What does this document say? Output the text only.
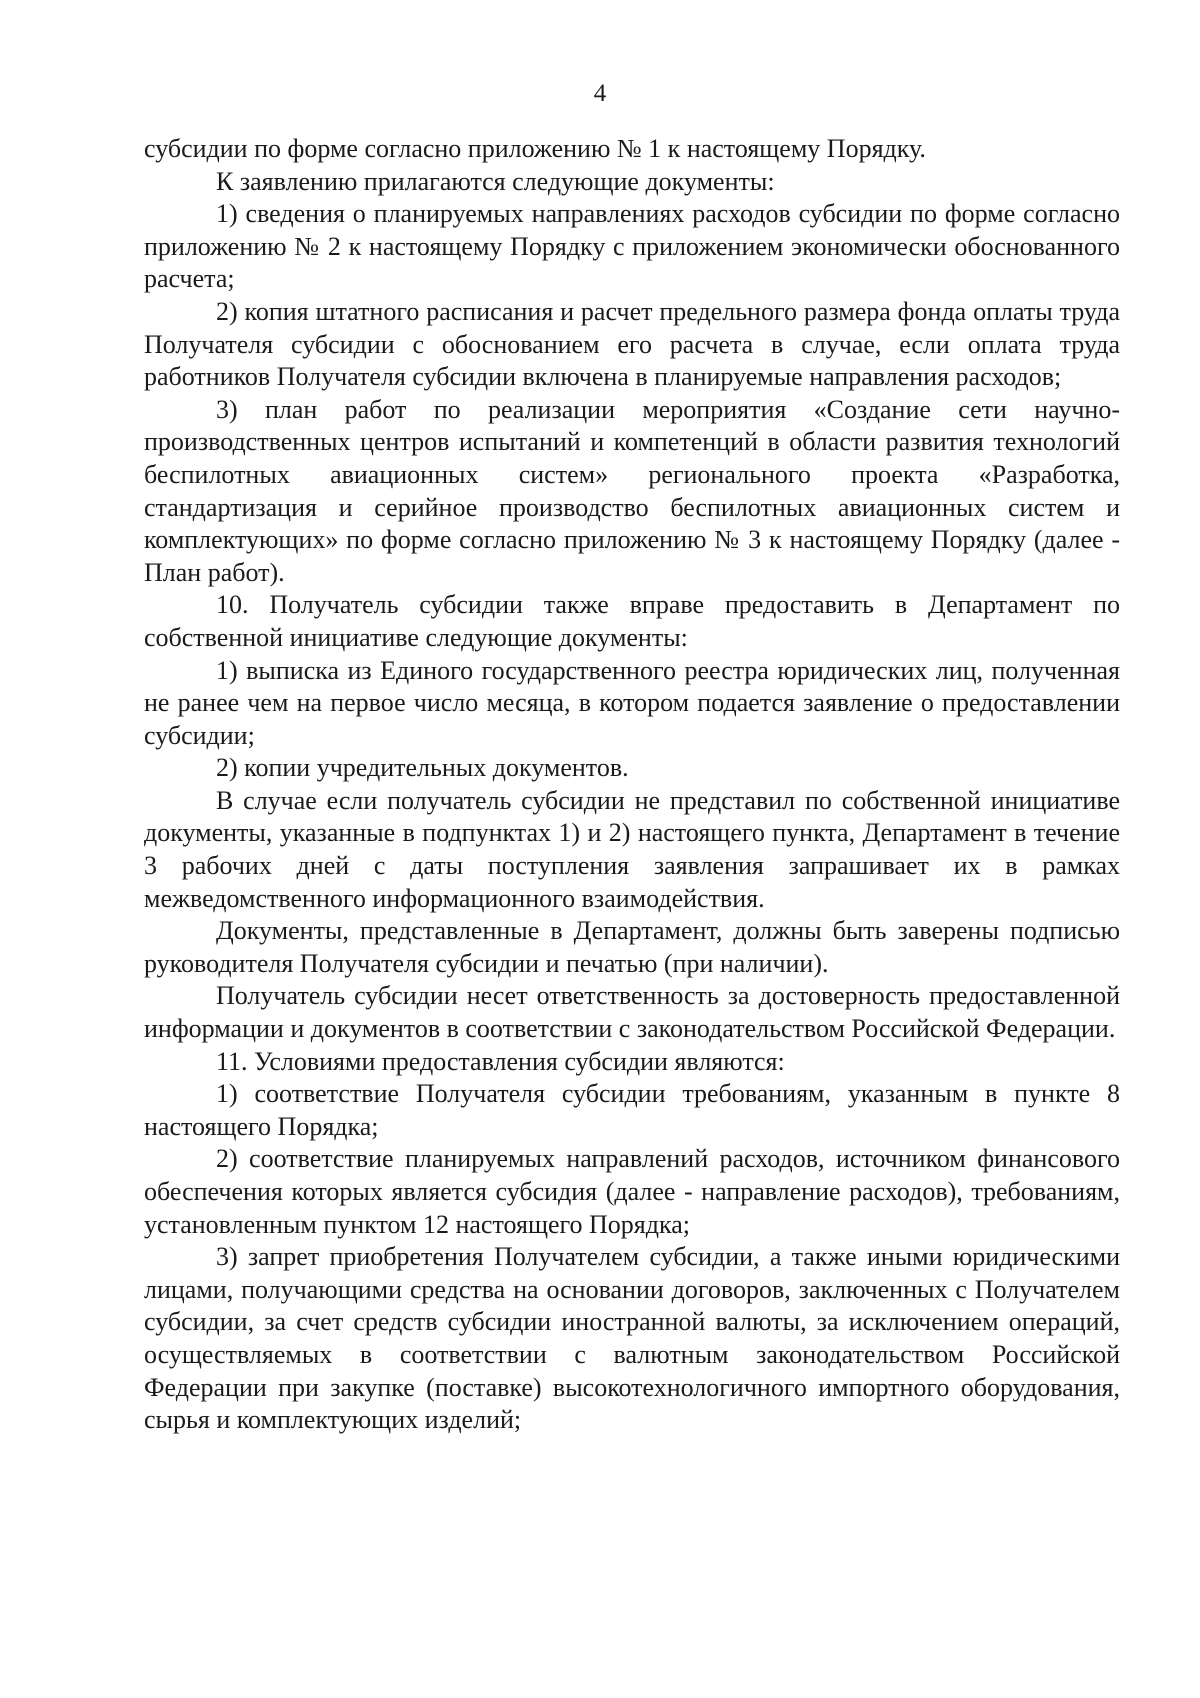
4

субсидии по форме согласно приложению № 1 к настоящему Порядку.

К заявлению прилагаются следующие документы:

1) сведения о планируемых направлениях расходов субсидии по форме согласно приложению № 2 к настоящему Порядку с приложением экономически обоснованного расчета;

2) копия штатного расписания и расчет предельного размера фонда оплаты труда Получателя субсидии с обоснованием его расчета в случае, если оплата труда работников Получателя субсидии включена в планируемые направления расходов;

3) план работ по реализации мероприятия «Создание сети научно-производственных центров испытаний и компетенций в области развития технологий беспилотных авиационных систем» регионального проекта «Разработка, стандартизация и серийное производство беспилотных авиационных систем и комплектующих» по форме согласно приложению № 3 к настоящему Порядку (далее - План работ).

10. Получатель субсидии также вправе предоставить в Департамент по собственной инициативе следующие документы:

1) выписка из Единого государственного реестра юридических лиц, полученная не ранее чем на первое число месяца, в котором подается заявление о предоставлении субсидии;

2) копии учредительных документов.

В случае если получатель субсидии не представил по собственной инициативе документы, указанные в подпунктах 1) и 2) настоящего пункта, Департамент в течение 3 рабочих дней с даты поступления заявления запрашивает их в рамках межведомственного информационного взаимодействия.

Документы, представленные в Департамент, должны быть заверены подписью руководителя Получателя субсидии и печатью (при наличии).

Получатель субсидии несет ответственность за достоверность предоставленной информации и документов в соответствии с законодательством Российской Федерации.

11. Условиями предоставления субсидии являются:

1) соответствие Получателя субсидии требованиям, указанным в пункте 8 настоящего Порядка;

2) соответствие планируемых направлений расходов, источником финансового обеспечения которых является субсидия (далее - направление расходов), требованиям, установленным пунктом 12 настоящего Порядка;

3) запрет приобретения Получателем субсидии, а также иными юридическими лицами, получающими средства на основании договоров, заключенных с Получателем субсидии, за счет средств субсидии иностранной валюты, за исключением операций, осуществляемых в соответствии с валютным законодательством Российской Федерации при закупке (поставке) высокотехнологичного импортного оборудования, сырья и комплектующих изделий;
